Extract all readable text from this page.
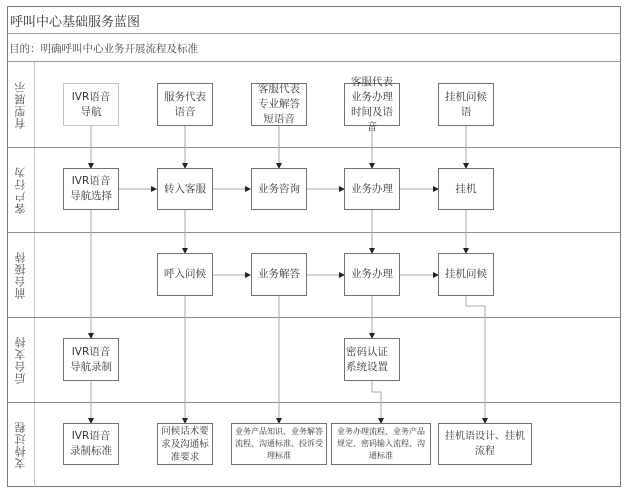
呼叫中心基础服务蓝图
目的：明确呼叫中心业务开展流程及标准
有型展示
客户行为
前台接待
后台支持
支持过程
IVR语音导航
服务代表语音
客服代表专业解答短语音
客服代表业务办理时间及语音
挂机问候语
IVR语音导航选择
转入客服	业务咨询	业务办理	挂机
呼入问候	业务解答	业务办理	挂机问候
IVR语音导航录制
密码认证系统设置
IVR语音录制标准
问候话术要求及沟通标准要求
业务产品知识、业务解答流程、沟通标准、投诉受理标准
业务办理流程、业务产品规定、密码输入流程、沟通标准
挂机语设计、挂机流程
